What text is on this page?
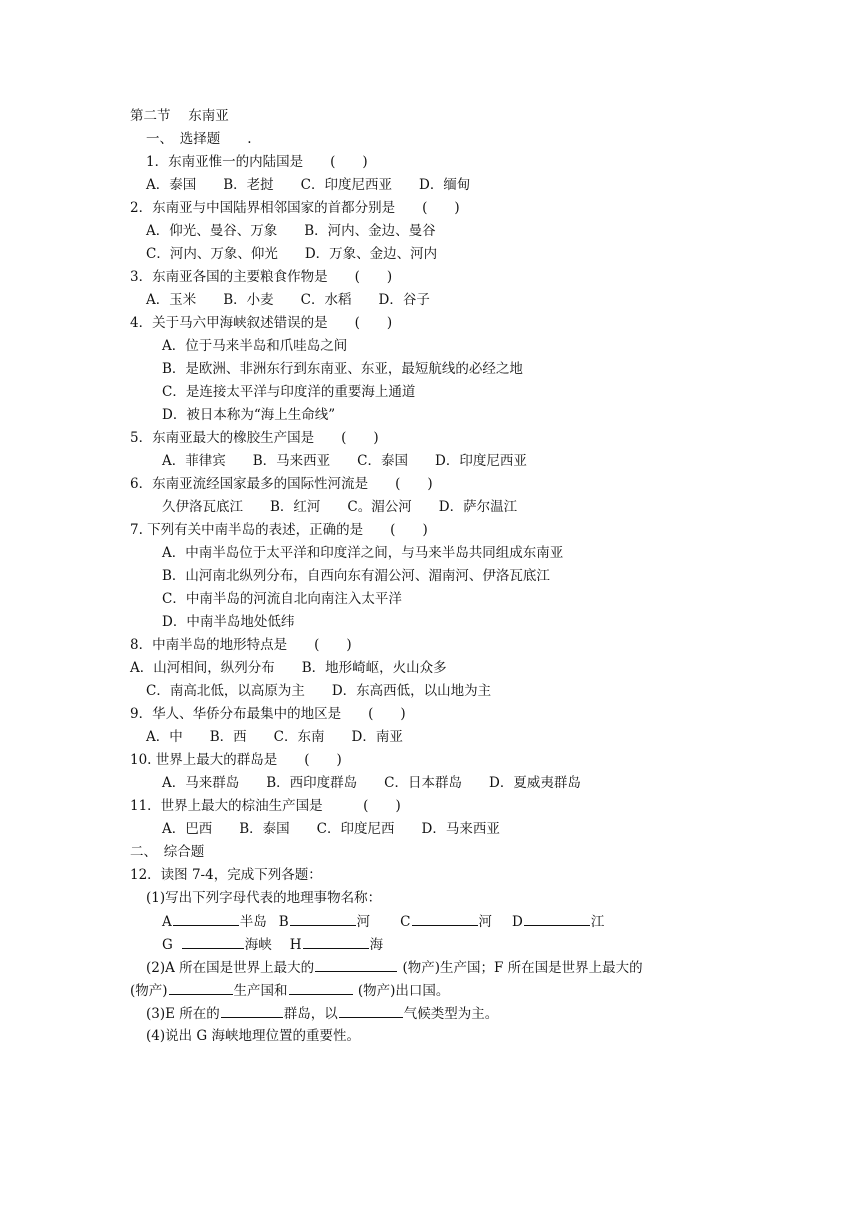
第二节　 东南亚
一、　选择题　　.
1．东南亚惟一的内陆国是　　(　　)
A．泰国　　B．老挝　　C．印度尼西亚　　D．缅甸
2．东南亚与中国陆界相邻国家的首都分别是　　(　　)
A．仰光、曼谷、万象　　B．河内、金边、曼谷
C．河内、万象、仰光　　D．万象、金边、河内
3．东南亚各国的主要粮食作物是　　(　　)
A．玉米　　B．小麦　　C．水稻　　D．谷子
4．关于马六甲海峡叙述错误的是　　(　　)
A．位于马来半岛和爪哇岛之间
B．是欧洲、非洲东行到东南亚、东亚，最短航线的必经之地
C．是连接太平洋与印度洋的重要海上通道
D．被日本称为“海上生命线”
5．东南亚最大的橡胶生产国是　　(　　)
A．菲律宾　　B．马来西亚　　C．泰国　　D．印度尼西亚
6．东南亚流经国家最多的国际性河流是　　(　　)
久伊洛瓦底江　　B．红河　　C。湄公河　　D．萨尔温江
7. 下列有关中南半岛的表述，正确的是　　(　　)
A．中南半岛位于太平洋和印度洋之间，与马来半岛共同组成东南亚
B．山河南北纵列分布，自西向东有湄公河、湄南河、伊洛瓦底江
C．中南半岛的河流自北向南注入太平洋
D．中南半岛地处低纬
8．中南半岛的地形特点是　　(　　)
A．山河相间，纵列分布　　B．地形崎岖，火山众多
C．南高北低，以高原为主　　D．东高西低，以山地为主
9．华人、华侨分布最集中的地区是　　(　　)
A．中　　B．西　　C．东南　　D．南亚
10. 世界上最大的群岛是　　(　　)
A．马来群岛　　B．西印度群岛　　C．日本群岛　　D．夏威夷群岛
11．世界上最大的棕油生产国是　　　(　　)
A．巴西　　B．泰国　　C．印度尼西　　D．马来西亚
二、　综合题
12．读图 7-4，完成下列各题：
(1)写出下列字母代表的地理事物名称：
A	半岛 B	河 C	河 D	江
G	海峡 H	海
(2)A 所在国是世界上最大的	(物产)生产国；F 所在国是世界上最大的
(物产)	生产国和	(物产)出口国。
(3)E 所在的	群岛，以	气候类型为主。
(4)说出 G 海峡地理位置的重要性。
